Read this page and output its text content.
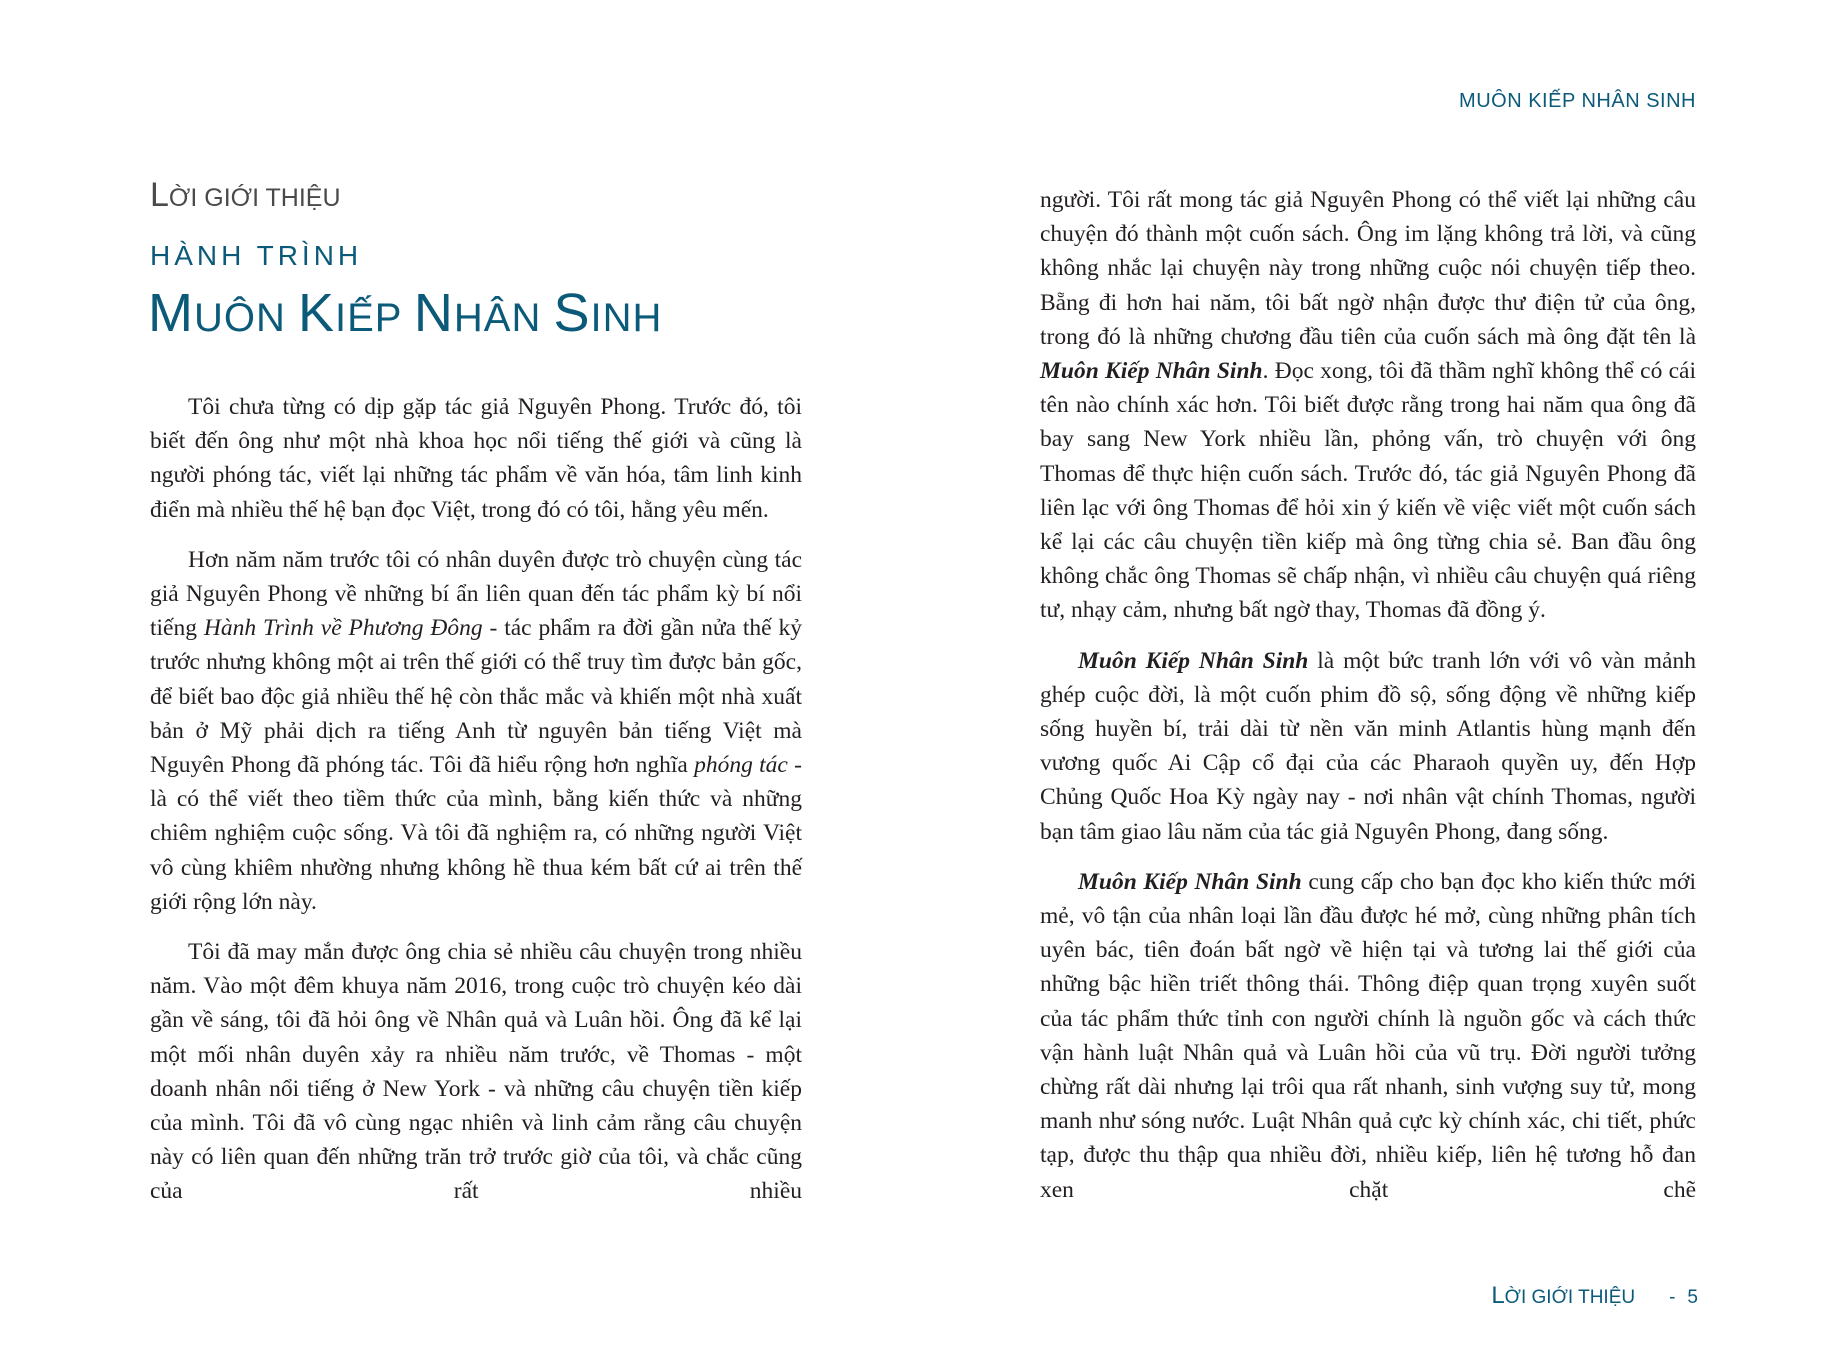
MUÔN KIẾP NHÂN SINH
LỜI GIỚI THIỆU
HÀNH TRÌNH
MUÔN KIẾP NHÂN SINH

Tôi chưa từng có dịp gặp tác giả Nguyên Phong. Trước đó, tôi biết đến ông như một nhà khoa học nổi tiếng thế giới và cũng là người phóng tác, viết lại những tác phẩm về văn hóa, tâm linh kinh điển mà nhiều thế hệ bạn đọc Việt, trong đó có tôi, hằng yêu mến.

Hơn năm năm trước tôi có nhân duyên được trò chuyện cùng tác giả Nguyên Phong về những bí ẩn liên quan đến tác phẩm kỳ bí nổi tiếng Hành Trình về Phương Đông - tác phẩm ra đời gần nửa thế kỷ trước nhưng không một ai trên thế giới có thể truy tìm được bản gốc, để biết bao độc giả nhiều thế hệ còn thắc mắc và khiến một nhà xuất bản ở Mỹ phải dịch ra tiếng Anh từ nguyên bản tiếng Việt mà Nguyên Phong đã phóng tác. Tôi đã hiểu rộng hơn nghĩa phóng tác - là có thể viết theo tiềm thức của mình, bằng kiến thức và những chiêm nghiệm cuộc sống. Và tôi đã nghiệm ra, có những người Việt vô cùng khiêm nhường nhưng không hề thua kém bất cứ ai trên thế giới rộng lớn này.

Tôi đã may mắn được ông chia sẻ nhiều câu chuyện trong nhiều năm. Vào một đêm khuya năm 2016, trong cuộc trò chuyện kéo dài gần về sáng, tôi đã hỏi ông về Nhân quả và Luân hồi. Ông đã kể lại một mối nhân duyên xảy ra nhiều năm trước, về Thomas - một doanh nhân nổi tiếng ở New York - và những câu chuyện tiền kiếp của mình. Tôi đã vô cùng ngạc nhiên và linh cảm rằng câu chuyện này có liên quan đến những trăn trở trước giờ của tôi, và chắc cũng của rất nhiều

người. Tôi rất mong tác giả Nguyên Phong có thể viết lại những câu chuyện đó thành một cuốn sách. Ông im lặng không trả lời, và cũng không nhắc lại chuyện này trong những cuộc nói chuyện tiếp theo. Bẵng đi hơn hai năm, tôi bất ngờ nhận được thư điện tử của ông, trong đó là những chương đầu tiên của cuốn sách mà ông đặt tên là Muôn Kiếp Nhân Sinh. Đọc xong, tôi đã thầm nghĩ không thể có cái tên nào chính xác hơn. Tôi biết được rằng trong hai năm qua ông đã bay sang New York nhiều lần, phỏng vấn, trò chuyện với ông Thomas để thực hiện cuốn sách. Trước đó, tác giả Nguyên Phong đã liên lạc với ông Thomas để hỏi xin ý kiến về việc viết một cuốn sách kể lại các câu chuyện tiền kiếp mà ông từng chia sẻ. Ban đầu ông không chắc ông Thomas sẽ chấp nhận, vì nhiều câu chuyện quá riêng tư, nhạy cảm, nhưng bất ngờ thay, Thomas đã đồng ý.

Muôn Kiếp Nhân Sinh là một bức tranh lớn với vô vàn mảnh ghép cuộc đời, là một cuốn phim đồ sộ, sống động về những kiếp sống huyền bí, trải dài từ nền văn minh Atlantis hùng mạnh đến vương quốc Ai Cập cổ đại của các Pharaoh quyền uy, đến Hợp Chủng Quốc Hoa Kỳ ngày nay - nơi nhân vật chính Thomas, người bạn tâm giao lâu năm của tác giả Nguyên Phong, đang sống.

Muôn Kiếp Nhân Sinh cung cấp cho bạn đọc kho kiến thức mới mẻ, vô tận của nhân loại lần đầu được hé mở, cùng những phân tích uyên bác, tiên đoán bất ngờ về hiện tại và tương lai thế giới của những bậc hiền triết thông thái. Thông điệp quan trọng xuyên suốt của tác phẩm thức tỉnh con người chính là nguồn gốc và cách thức vận hành luật Nhân quả và Luân hồi của vũ trụ. Đời người tưởng chừng rất dài nhưng lại trôi qua rất nhanh, sinh vượng suy tử, mong manh như sóng nước. Luật Nhân quả cực kỳ chính xác, chi tiết, phức tạp, được thu thập qua nhiều đời, nhiều kiếp, liên hệ tương hỗ đan xen chặt chẽ

LỜI GIỚI THIỆU - 5
